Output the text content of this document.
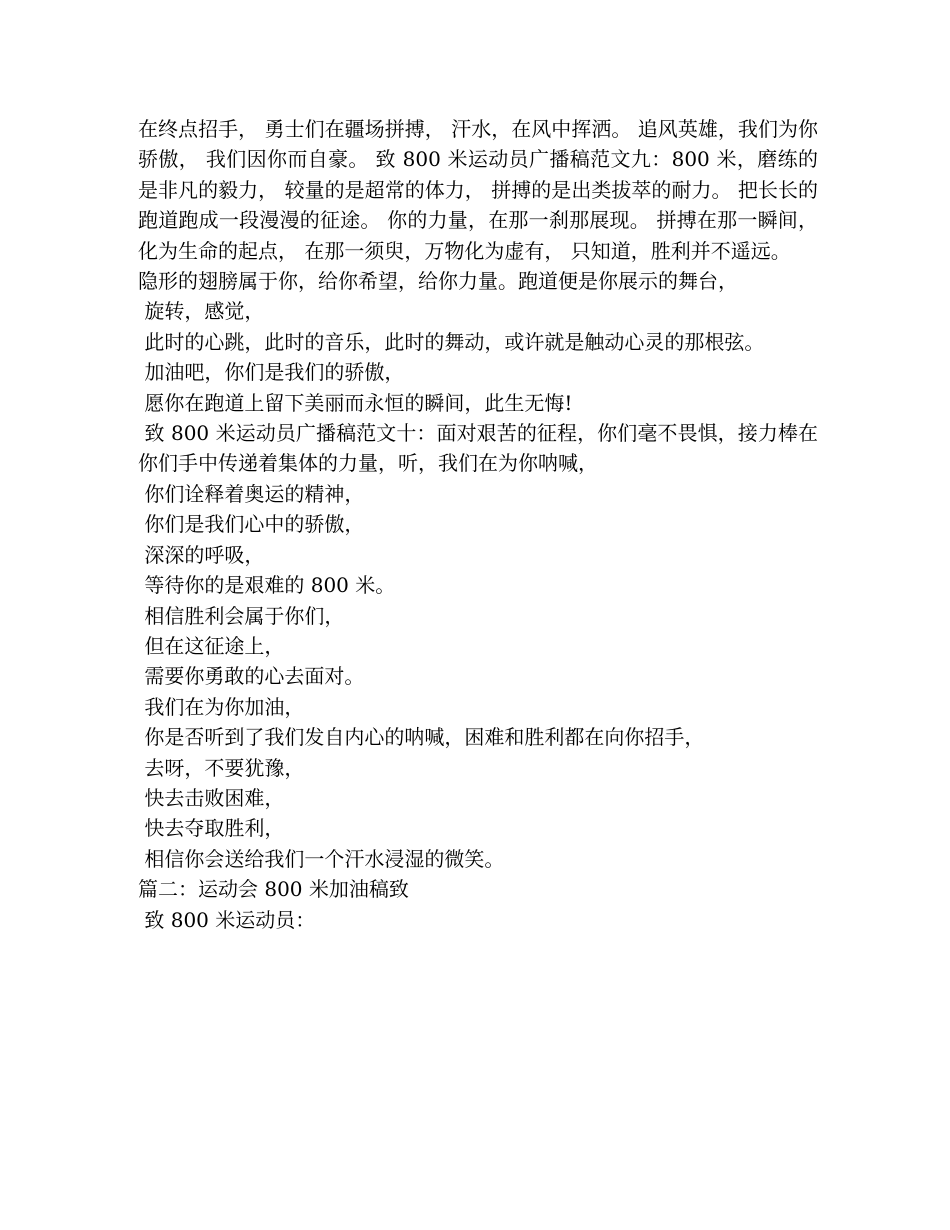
在终点招手， 勇士们在疆场拼搏， 汗水，在风中挥洒。 追风英雄，我们为你骄傲， 我们因你而自豪。 致 800 米运动员广播稿范文九：800 米，磨练的是非凡的毅力， 较量的是超常的体力， 拼搏的是出类拔萃的耐力。 把长长的跑道跑成一段漫漫的征途。 你的力量，在那一刹那展现。 拼搏在那一瞬间，化为生命的起点， 在那一须臾，万物化为虚有， 只知道，胜利并不遥远。

隐形的翅膀属于你，给你希望，给你力量。跑道便是你展示的舞台，

旋转，感觉，

此时的心跳，此时的音乐，此时的舞动，或许就是触动心灵的那根弦。

加油吧，你们是我们的骄傲，

愿你在跑道上留下美丽而永恒的瞬间，此生无悔!

致 800 米运动员广播稿范文十：面对艰苦的征程，你们毫不畏惧，接力棒在你们手中传递着集体的力量，听，我们在为你呐喊，

你们诠释着奥运的精神，

你们是我们心中的骄傲，

深深的呼吸，

等待你的是艰难的 800 米。

相信胜利会属于你们，

但在这征途上，

需要你勇敢的心去面对。

我们在为你加油，

你是否听到了我们发自内心的呐喊，困难和胜利都在向你招手，

去呀，不要犹豫，

快去击败困难，

快去夺取胜利，

相信你会送给我们一个汗水浸湿的微笑。

篇二：运动会 800 米加油稿致

致 800 米运动员：
